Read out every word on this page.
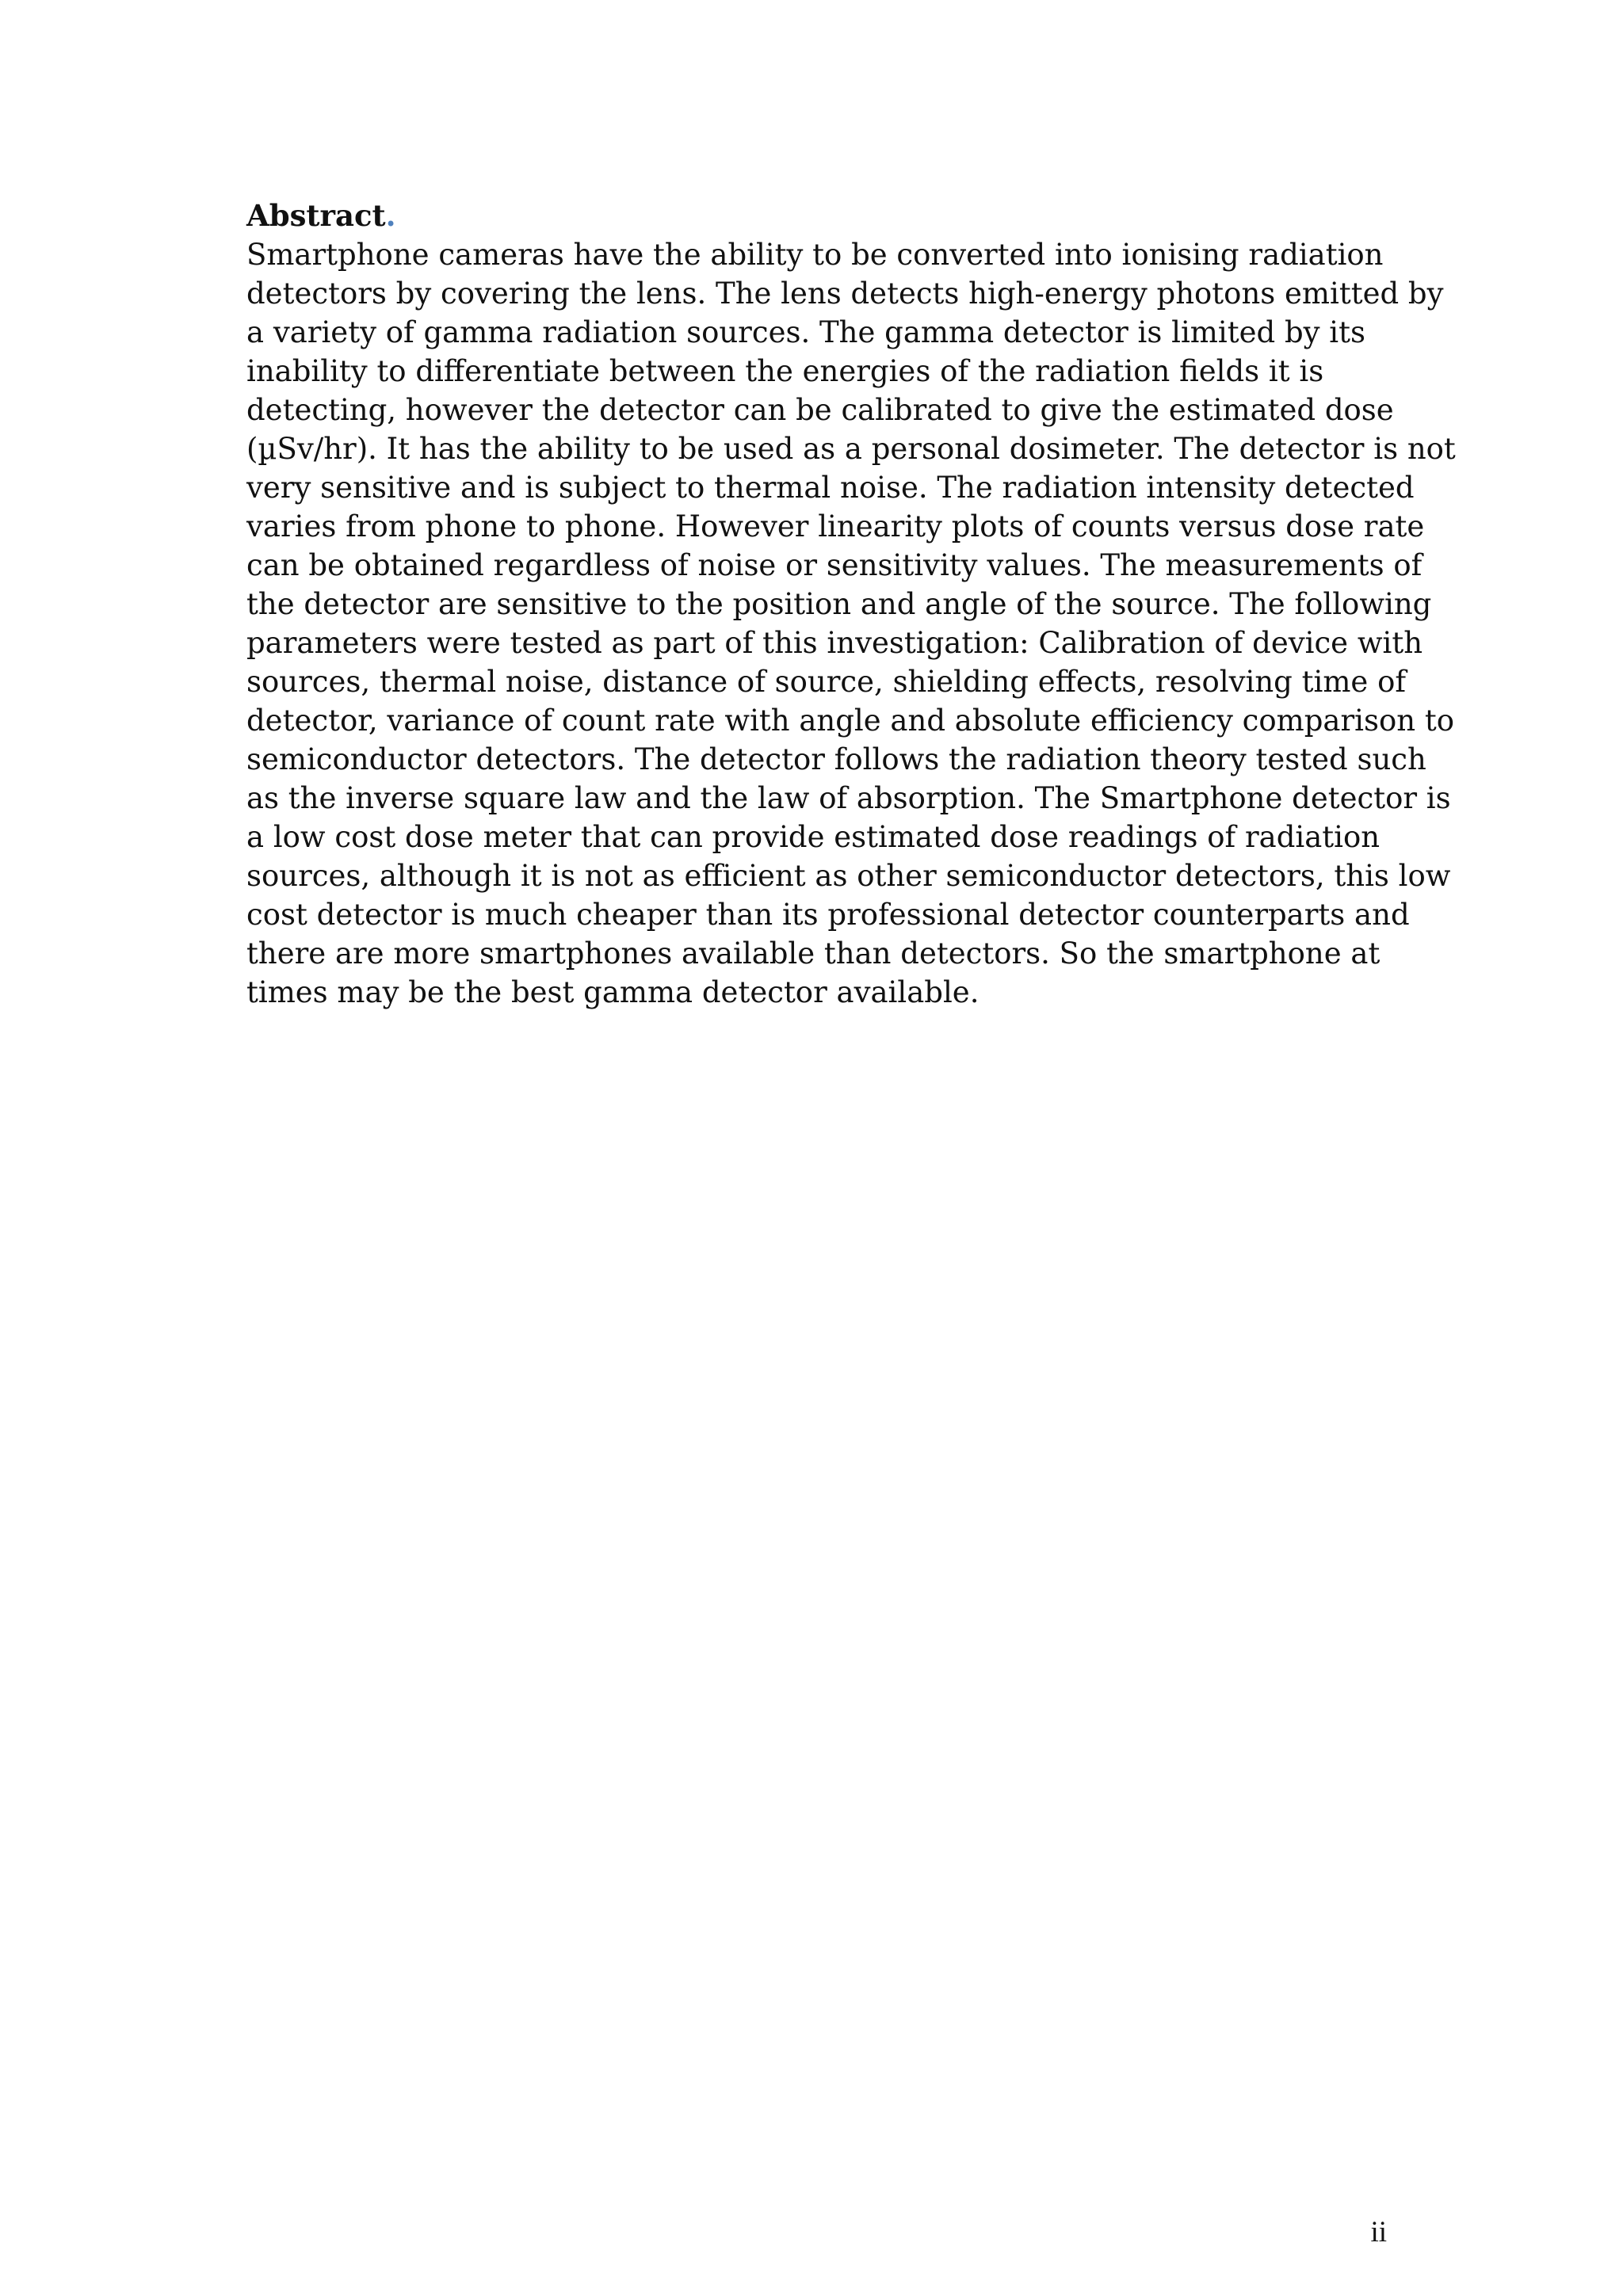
Abstract.

Smartphone cameras have the ability to be converted into ionising radiation
detectors by covering the lens. The lens detects high-energy photons emitted by
a variety of gamma radiation sources. The gamma detector is limited by its
inability to differentiate between the energies of the radiation fields it is
detecting, however the detector can be calibrated to give the estimated dose
(µSv/hr). It has the ability to be used as a personal dosimeter. The detector is not
very sensitive and is subject to thermal noise. The radiation intensity detected
varies from phone to phone. However linearity plots of counts versus dose rate
can be obtained regardless of noise or sensitivity values. The measurements of
the detector are sensitive to the position and angle of the source. The following
parameters were tested as part of this investigation: Calibration of device with
sources, thermal noise, distance of source, shielding effects, resolving time of
detector, variance of count rate with angle and absolute efficiency comparison to
semiconductor detectors. The detector follows the radiation theory tested such
as the inverse square law and the law of absorption. The Smartphone detector is
a low cost dose meter that can provide estimated dose readings of radiation
sources, although it is not as efficient as other semiconductor detectors, this low
cost detector is much cheaper than its professional detector counterparts and
there are more smartphones available than detectors. So the smartphone at
times may be the best gamma detector available.

ii
